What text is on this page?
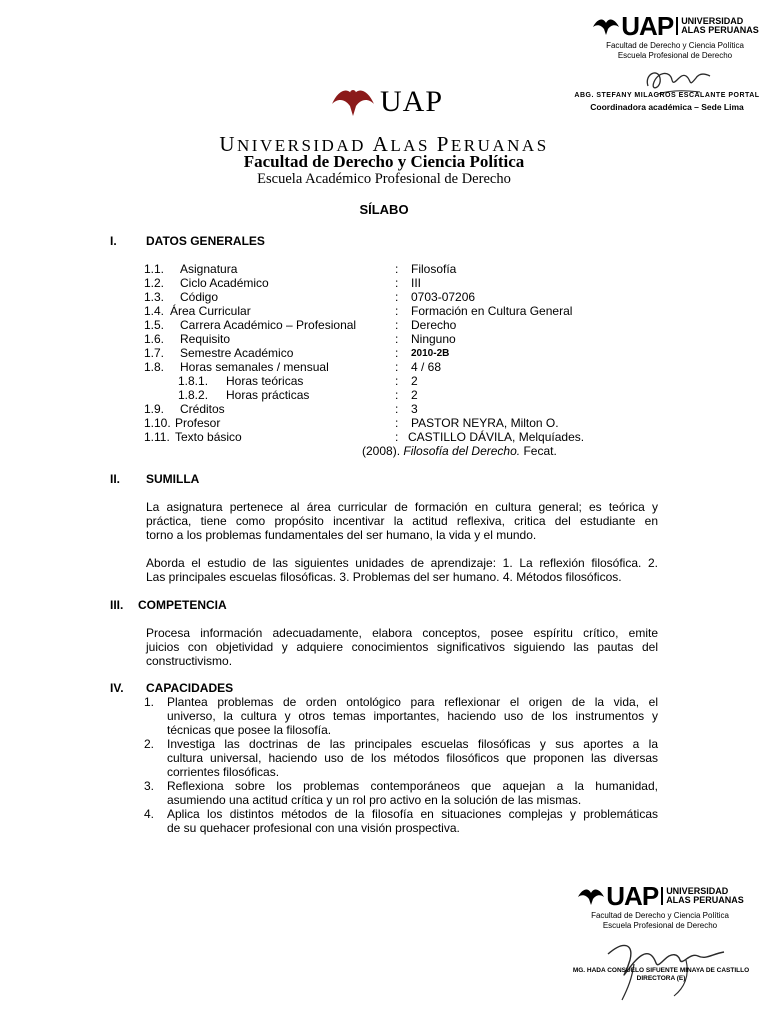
UAP UNIVERSIDAD
ALAS PERUANAS
Facultad de Derecho y Ciencia Política
Escuela Profesional de Derecho
ABG. STEFANY MILAGROS ESCALANTE PORTAL
Coordinadora académica – Sede Lima
UAP
UNIVERSIDAD ALAS PERUANAS
Facultad de Derecho y Ciencia Política
Escuela Académico Profesional de Derecho
SÍLABO
I. DATOS GENERALES
1.1. Asignatura	: Filosofía
1.2. Ciclo Académico	: III
1.3. Código	: 0703-07206
1.4. Área Curricular	: Formación en Cultura General
1.5. Carrera Académico – Profesional	: Derecho
1.6. Requisito	: Ninguno
1.7. Semestre Académico	: 2010-2B
1.8. Horas semanales / mensual	: 4 / 68
1.8.1. Horas teóricas	: 2
1.8.2. Horas prácticas	: 2
1.9. Créditos	: 3
1.10. Profesor	: PASTOR NEYRA, Milton O.
1.11. Texto básico	: CASTILLO DÁVILA, Melquíades.
(2008). Filosofía del Derecho. Fecat.
II. SUMILLA
La asignatura pertenece al área curricular de formación en cultura general; es teórica y
práctica, tiene como propósito incentivar la actitud reflexiva, critica del estudiante en
torno a los problemas fundamentales del ser humano, la vida y el mundo.
Aborda el estudio de las siguientes unidades de aprendizaje: 1. La reflexión filosófica. 2.
Las principales escuelas filosóficas. 3. Problemas del ser humano. 4. Métodos filosóficos.
III. COMPETENCIA
Procesa información adecuadamente, elabora conceptos, posee espíritu crítico, emite
juicios con objetividad y adquiere conocimientos significativos siguiendo las pautas del
constructivismo.
IV. CAPACIDADES
1. Plantea problemas de orden ontológico para reflexionar el origen de la vida, el
universo, la cultura y otros temas importantes, haciendo uso de los instrumentos y
técnicas que posee la filosofía.
2. Investiga las doctrinas de las principales escuelas filosóficas y sus aportes a la
cultura universal, haciendo uso de los métodos filosóficos que proponen las diversas
corrientes filosóficas.
3. Reflexiona sobre los problemas contemporáneos que aquejan a la humanidad,
asumiendo una actitud crítica y un rol pro activo en la solución de las mismas.
4. Aplica los distintos métodos de la filosofía en situaciones complejas y problemáticas
de su quehacer profesional con una visión prospectiva.
UAP UNIVERSIDAD
ALAS PERUANAS
Facultad de Derecho y Ciencia Política
Escuela Profesional de Derecho
MG. HADA CONSUELO SIFUENTE MINAYA DE CASTILLO
DIRECTORA (E)
